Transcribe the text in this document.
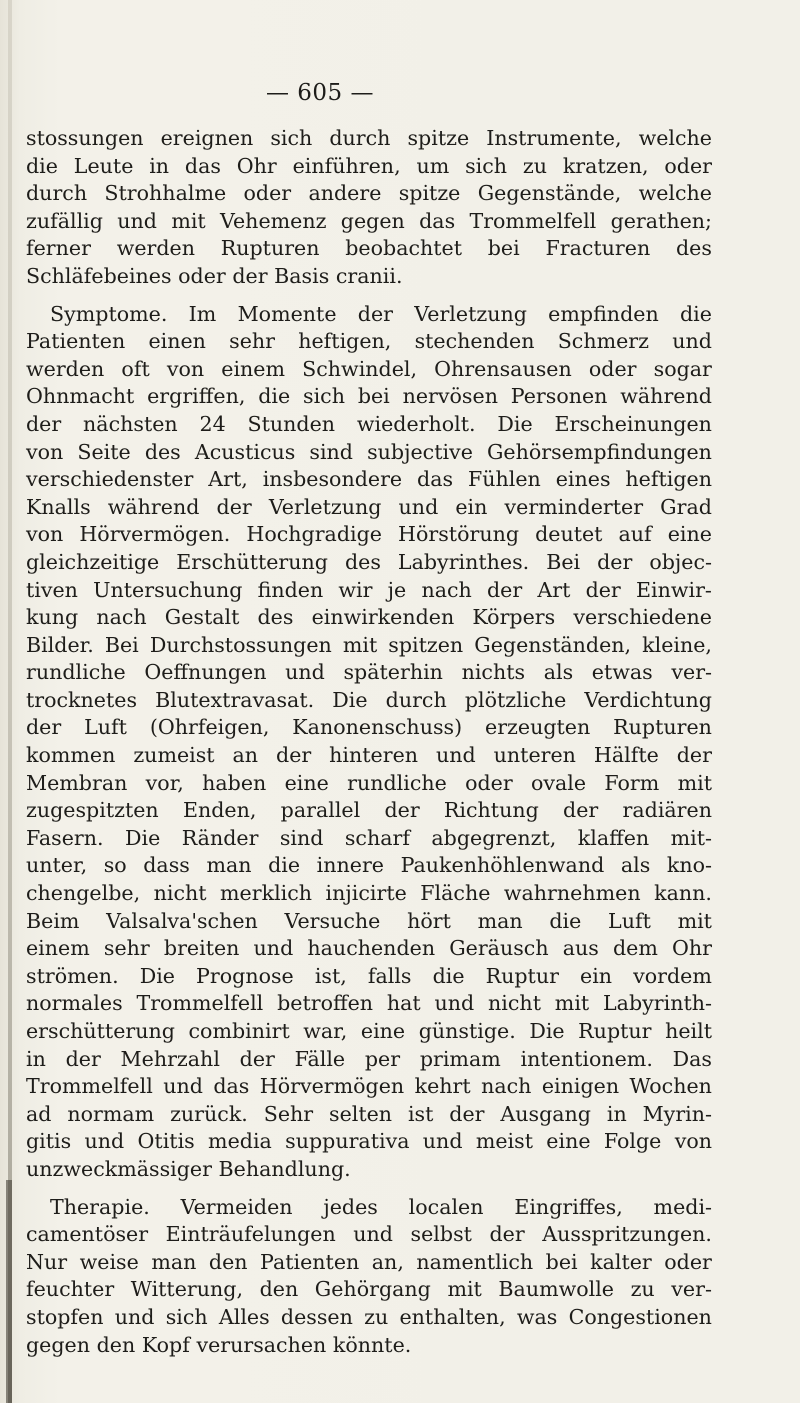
— 605 —
stossungen ereignen sich durch spitze Instrumente, welche
die Leute in das Ohr einführen, um sich zu kratzen, oder
durch Strohhalme oder andere spitze Gegenstände, welche
zufällig und mit Vehemenz gegen das Trommelfell gerathen;
ferner werden Rupturen beobachtet bei Fracturen des
Schläfebeines oder der Basis cranii.
Symptome. Im Momente der Verletzung empfinden die
Patienten einen sehr heftigen, stechenden Schmerz und
werden oft von einem Schwindel, Ohrensausen oder sogar
Ohnmacht ergriffen, die sich bei nervösen Personen während
der nächsten 24 Stunden wiederholt. Die Erscheinungen
von Seite des Acusticus sind subjective Gehörsempfindungen
verschiedenster Art, insbesondere das Fühlen eines heftigen
Knalls während der Verletzung und ein verminderter Grad
von Hörvermögen. Hochgradige Hörstörung deutet auf eine
gleichzeitige Erschütterung des Labyrinthes. Bei der objec-
tiven Untersuchung finden wir je nach der Art der Einwir-
kung nach Gestalt des einwirkenden Körpers verschiedene
Bilder. Bei Durchstossungen mit spitzen Gegenständen, kleine,
rundliche Oeffnungen und späterhin nichts als etwas ver-
trocknetes Blutextravasat. Die durch plötzliche Verdichtung
der Luft (Ohrfeigen, Kanonenschuss) erzeugten Rupturen
kommen zumeist an der hinteren und unteren Hälfte der
Membran vor, haben eine rundliche oder ovale Form mit
zugespitzten Enden, parallel der Richtung der radiären
Fasern. Die Ränder sind scharf abgegrenzt, klaffen mit-
unter, so dass man die innere Paukenhöhlenwand als kno-
chengelbe, nicht merklich injicirte Fläche wahrnehmen kann.
Beim Valsalva'schen Versuche hört man die Luft mit
einem sehr breiten und hauchenden Geräusch aus dem Ohr
strömen. Die Prognose ist, falls die Ruptur ein vordem
normales Trommelfell betroffen hat und nicht mit Labyrinth-
erschütterung combinirt war, eine günstige. Die Ruptur heilt
in der Mehrzahl der Fälle per primam intentionem. Das
Trommelfell und das Hörvermögen kehrt nach einigen Wochen
ad normam zurück. Sehr selten ist der Ausgang in Myrin-
gitis und Otitis media suppurativa und meist eine Folge von
unzweckmässiger Behandlung.
Therapie. Vermeiden jedes localen Eingriffes, medi-
camentöser Einträufelungen und selbst der Ausspritzungen.
Nur weise man den Patienten an, namentlich bei kalter oder
feuchter Witterung, den Gehörgang mit Baumwolle zu ver-
stopfen und sich Alles dessen zu enthalten, was Congestionen
gegen den Kopf verursachen könnte.
